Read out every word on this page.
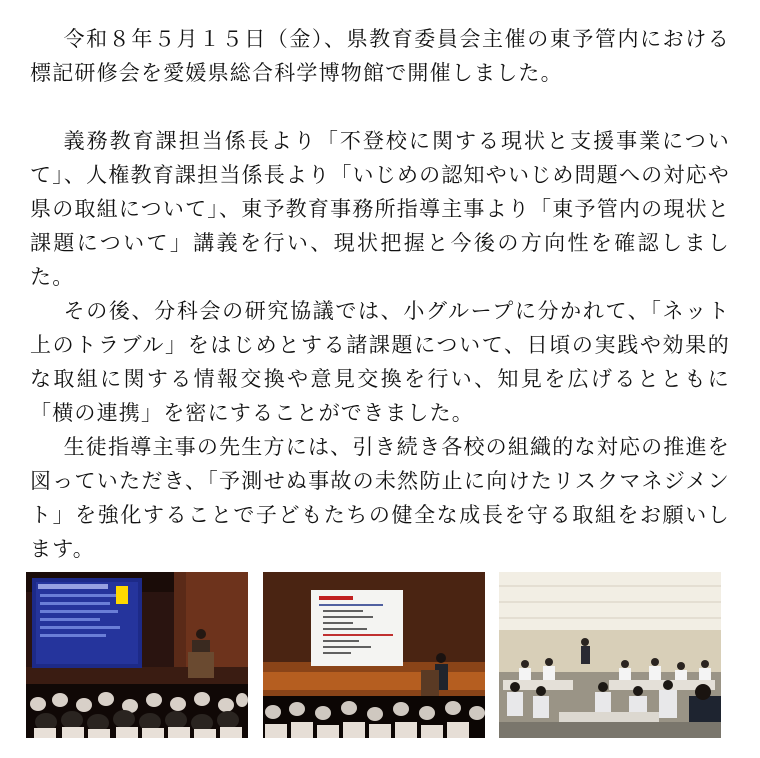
令和８年５月１５日（金）、県教育委員会主催の東予管内における標記研修会を愛媛県総合科学博物館で開催しました。

義務教育課担当係長より「不登校に関する現状と支援事業について」、人権教育課担当係長より「いじめの認知やいじめ問題への対応や県の取組について」、東予教育事務所指導主事より「東予管内の現状と課題について」講義を行い、現状把握と今後の方向性を確認しました。

その後、分科会の研究協議では、小グループに分かれて、「ネット上のトラブル」をはじめとする諸課題について、日頃の実践や効果的な取組に関する情報交換や意見交換を行い、知見を広げるとともに「横の連携」を密にすることができました。

生徒指導主事の先生方には、引き続き各校の組織的な対応の推進を図っていただき、「予測せぬ事故の未然防止に向けたリスクマネジメント」を強化することで子どもたちの健全な成長を守る取組をお願いします。
